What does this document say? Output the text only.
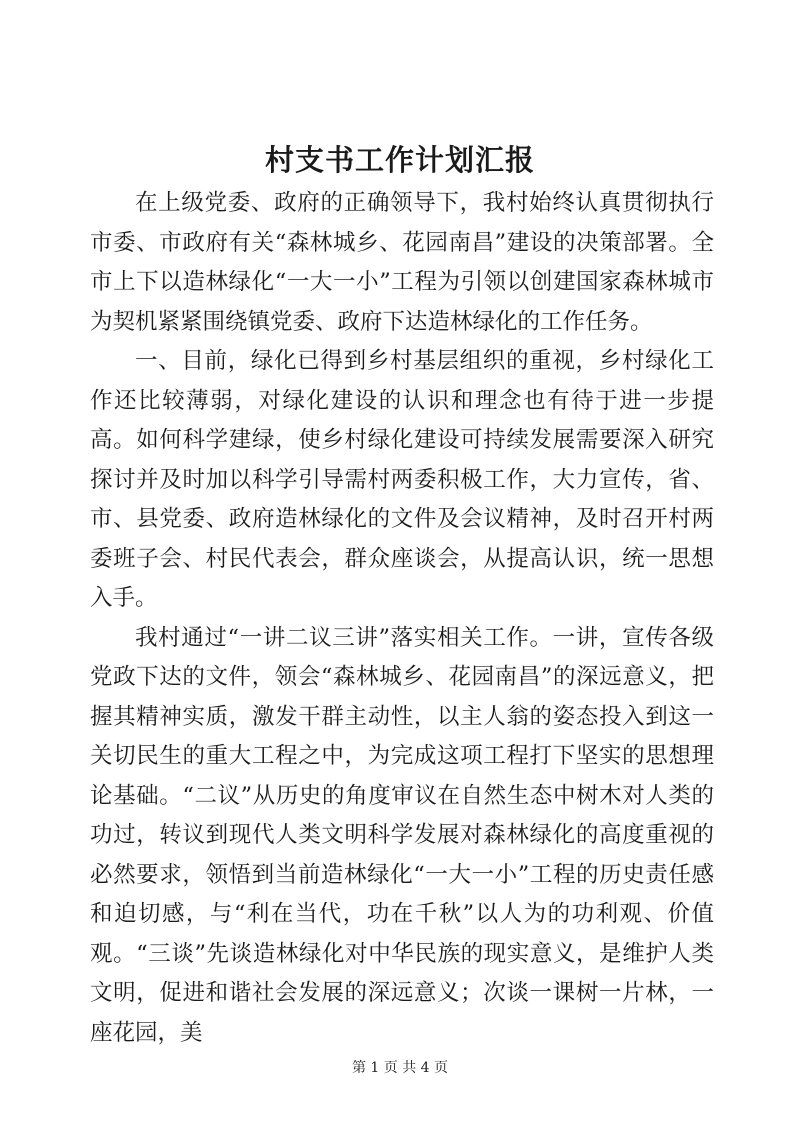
村支书工作计划汇报

在上级党委、政府的正确领导下，我村始终认真贯彻执行市委、市政府有关“森林城乡、花园南昌”建设的决策部署。全市上下以造林绿化“一大一小”工程为引领以创建国家森林城市为契机紧紧围绕镇党委、政府下达造林绿化的工作任务。

一、目前，绿化已得到乡村基层组织的重视，乡村绿化工作还比较薄弱，对绿化建设的认识和理念也有待于进一步提高。如何科学建绿，使乡村绿化建设可持续发展需要深入研究探讨并及时加以科学引导需村两委积极工作，大力宣传，省、市、县党委、政府造林绿化的文件及会议精神，及时召开村两委班子会、村民代表会，群众座谈会，从提高认识，统一思想入手。

我村通过“一讲二议三讲”落实相关工作。一讲，宣传各级党政下达的文件，领会“森林城乡、花园南昌”的深远意义，把握其精神实质，激发干群主动性，以主人翁的姿态投入到这一关切民生的重大工程之中，为完成这项工程打下坚实的思想理论基础。“二议”从历史的角度审议在自然生态中树木对人类的功过，转议到现代人类文明科学发展对森林绿化的高度重视的必然要求，领悟到当前造林绿化“一大一小”工程的历史责任感和迫切感，与“利在当代，功在千秋”以人为的功利观、价值观。“三谈”先谈造林绿化对中华民族的现实意义，是维护人类文明，促进和谐社会发展的深远意义；次谈一课树一片林，一座花园，美

第 1 页 共 4 页
